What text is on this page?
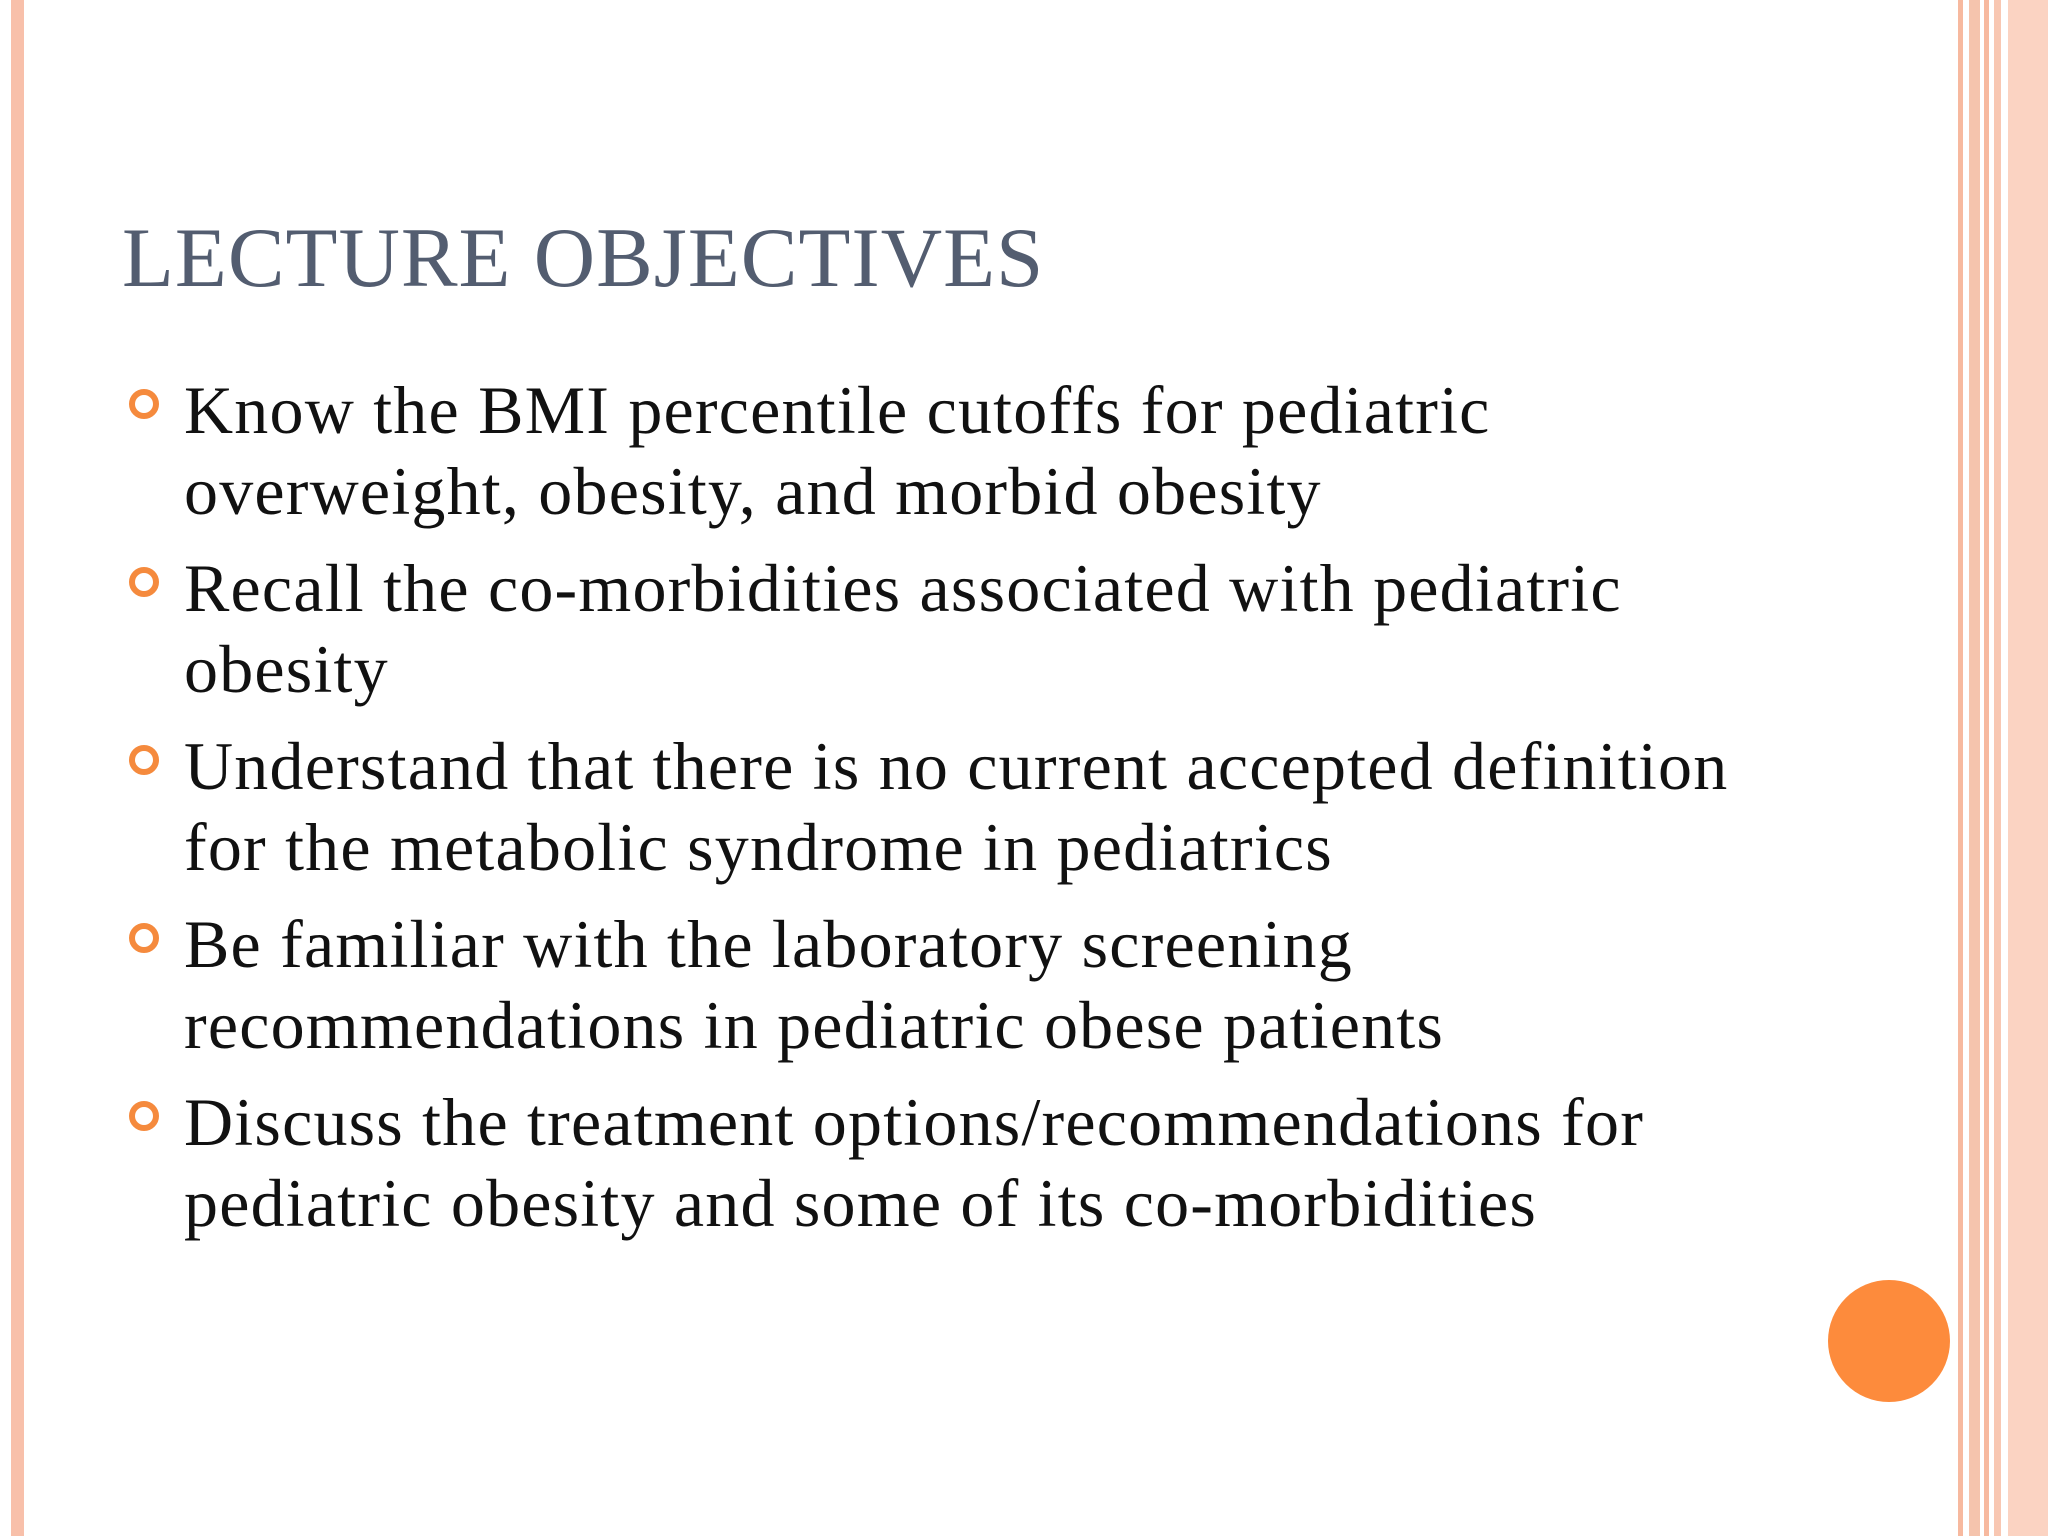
LECTURE OBJECTIVES
Know the BMI percentile cutoffs for pediatric overweight, obesity, and morbid obesity
Recall the co-morbidities associated with pediatric obesity
Understand that there is no current accepted definition for the metabolic syndrome in pediatrics
Be familiar with the laboratory screening recommendations in pediatric obese patients
Discuss the treatment options/recommendations for pediatric obesity and some of its co-morbidities
